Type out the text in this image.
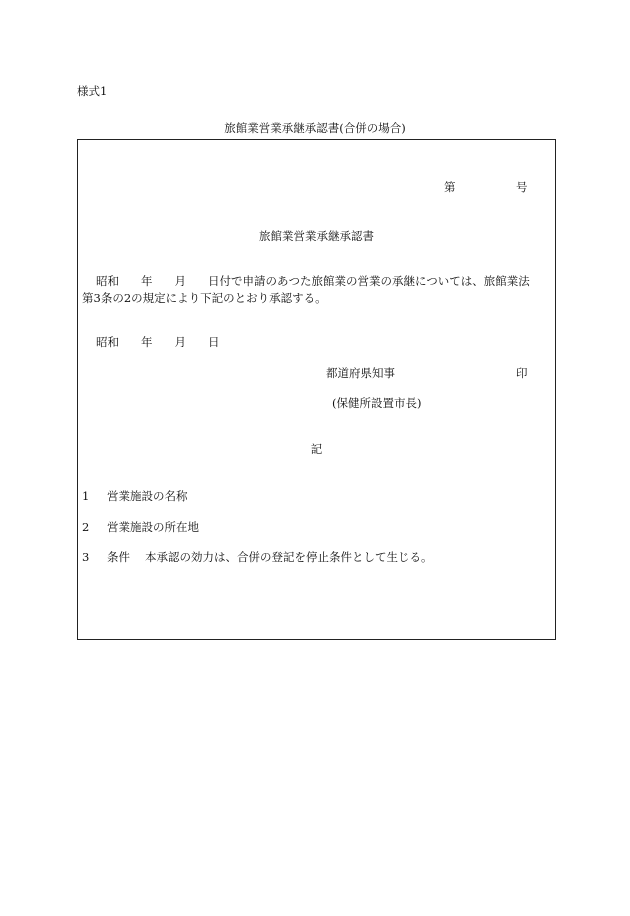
様式1
旅館業営業承継承認書(合併の場合)
第	号
旅館業営業承継承認書
昭和 年 月 日付で申請のあつた旅館業の営業の承継については、旅館業法
第3条の2の規定により下記のとおり承認する。
昭和 年 月 日
都道府県知事	印
(保健所設置市長)
記
1 営業施設の名称
2 営業施設の所在地
3 条件 本承認の効力は、合併の登記を停止条件として生じる。
